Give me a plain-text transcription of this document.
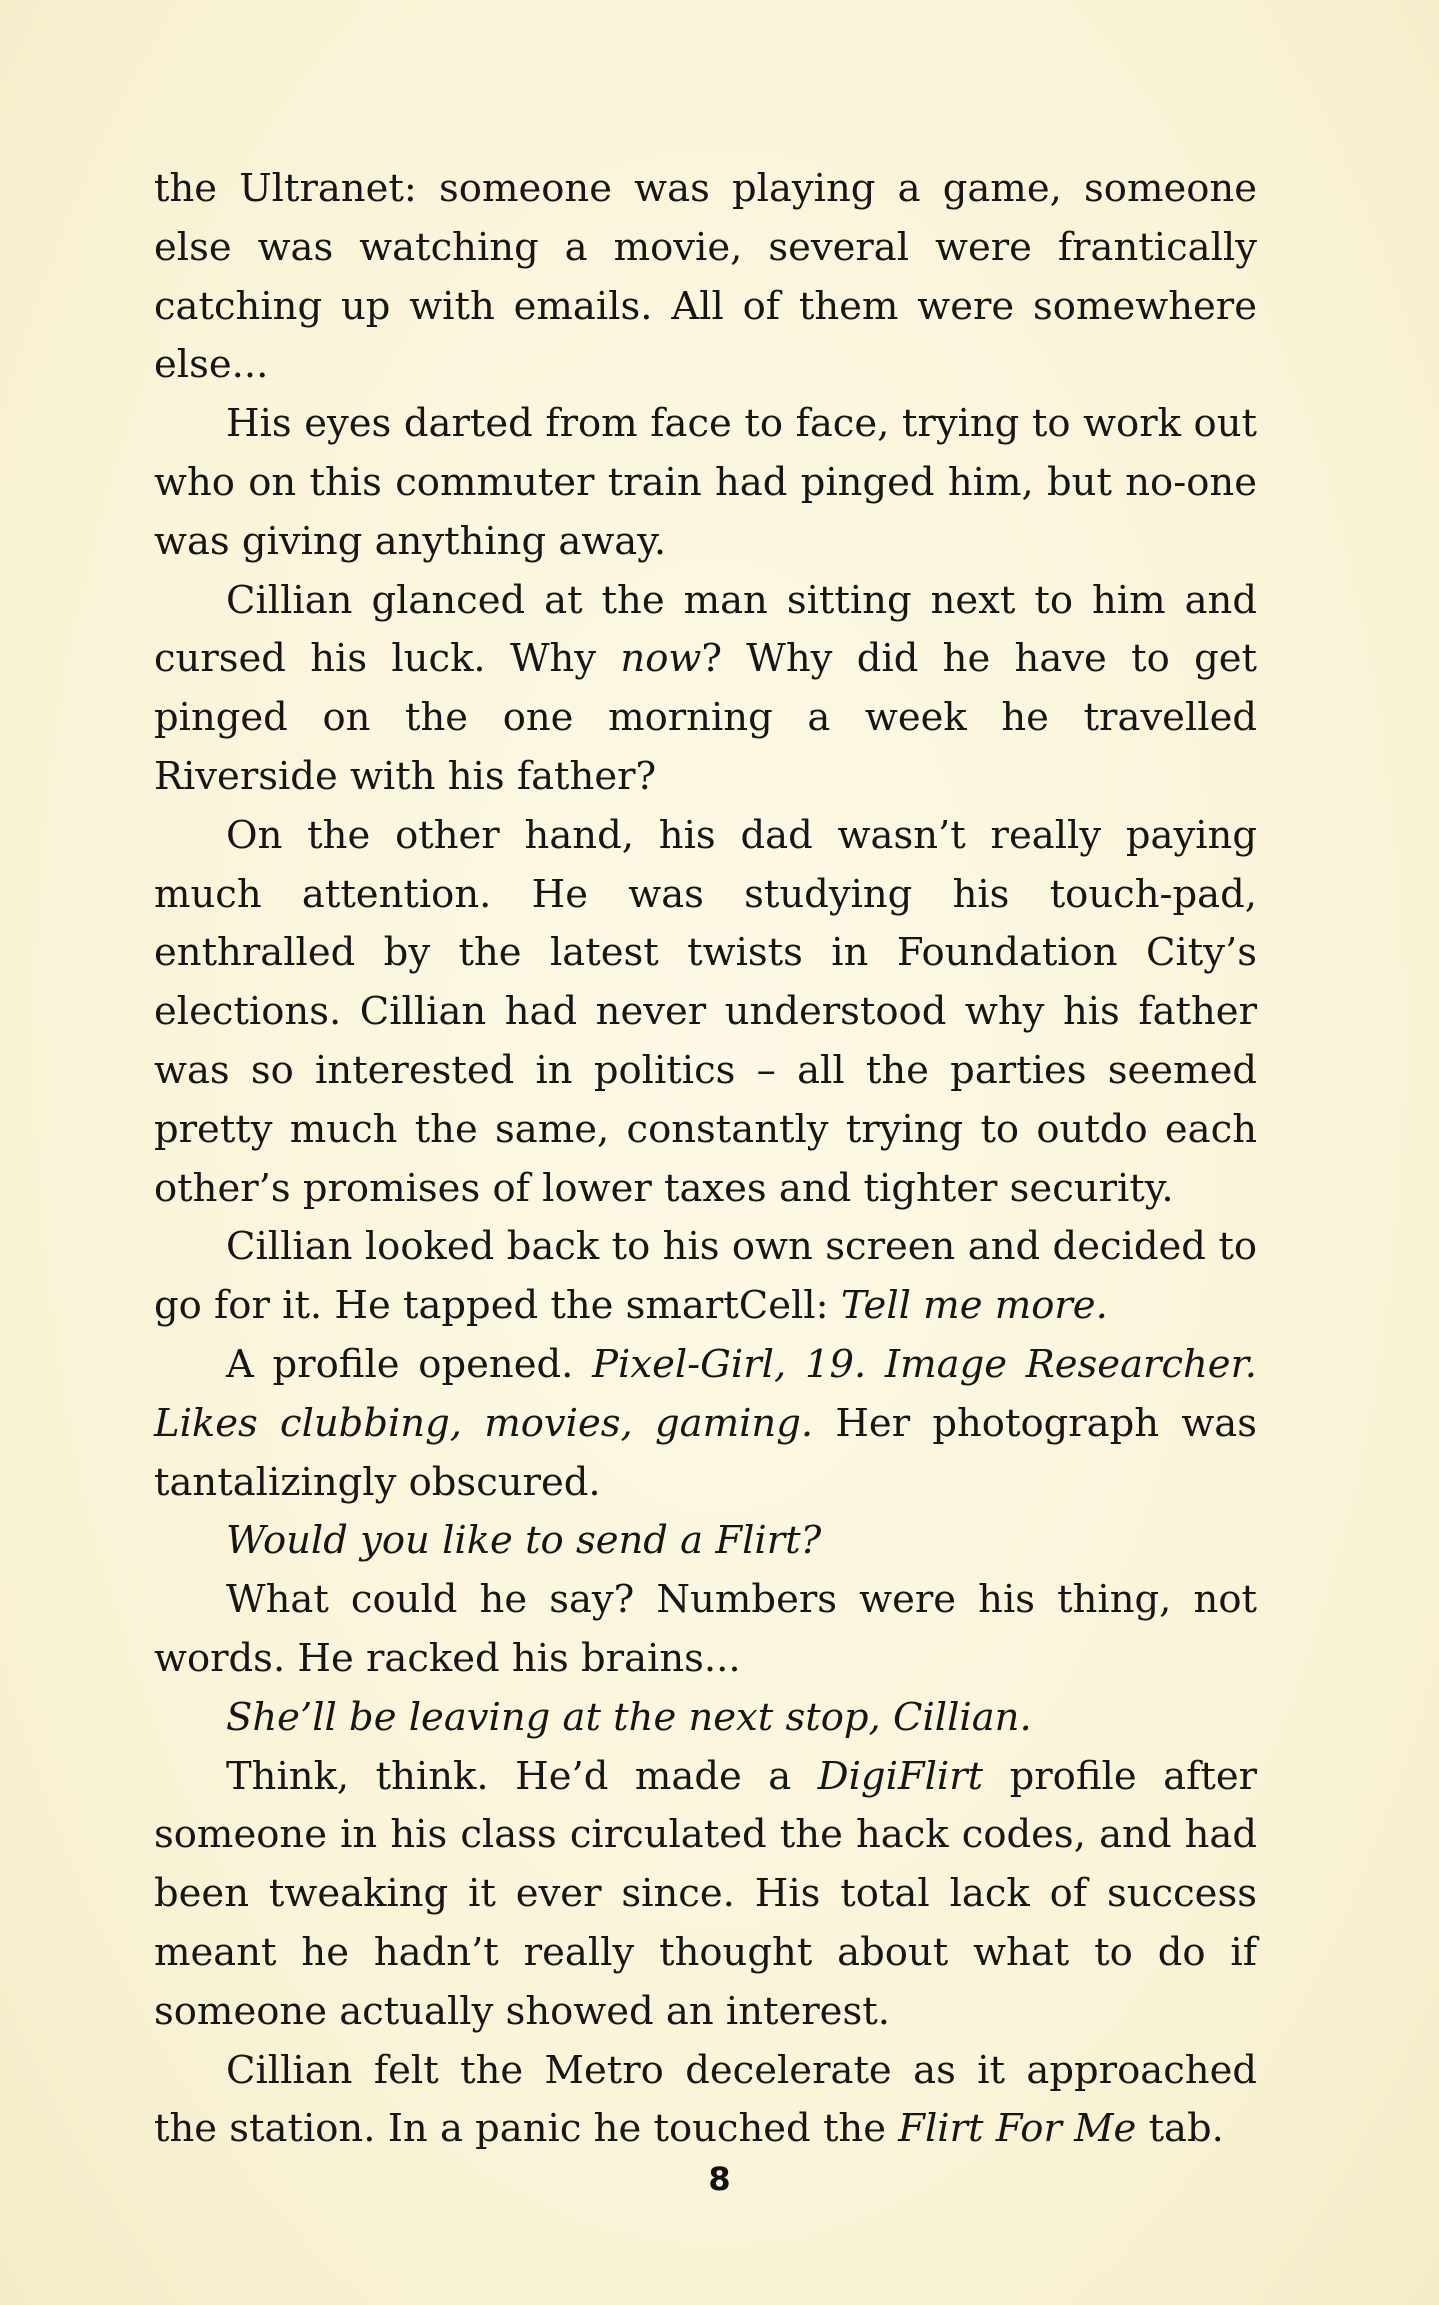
the Ultranet: someone was playing a game, someone else was watching a movie, several were frantically catching up with emails. All of them were somewhere else...

His eyes darted from face to face, trying to work out who on this commuter train had pinged him, but no-one was giving anything away.

Cillian glanced at the man sitting next to him and cursed his luck. Why now? Why did he have to get pinged on the one morning a week he travelled Riverside with his father?

On the other hand, his dad wasn’t really paying much attention. He was studying his touch-pad, enthralled by the latest twists in Foundation City’s elections. Cillian had never understood why his father was so interested in politics – all the parties seemed pretty much the same, constantly trying to outdo each other’s promises of lower taxes and tighter security.

Cillian looked back to his own screen and decided to go for it. He tapped the smartCell: Tell me more.

A profile opened. Pixel-Girl, 19. Image Researcher. Likes clubbing, movies, gaming. Her photograph was tantalizingly obscured.

Would you like to send a Flirt?

What could he say? Numbers were his thing, not words. He racked his brains...

She’ll be leaving at the next stop, Cillian.

Think, think. He’d made a DigiFlirt profile after someone in his class circulated the hack codes, and had been tweaking it ever since. His total lack of success meant he hadn’t really thought about what to do if someone actually showed an interest.

Cillian felt the Metro decelerate as it approached the station. In a panic he touched the Flirt For Me tab.

8
